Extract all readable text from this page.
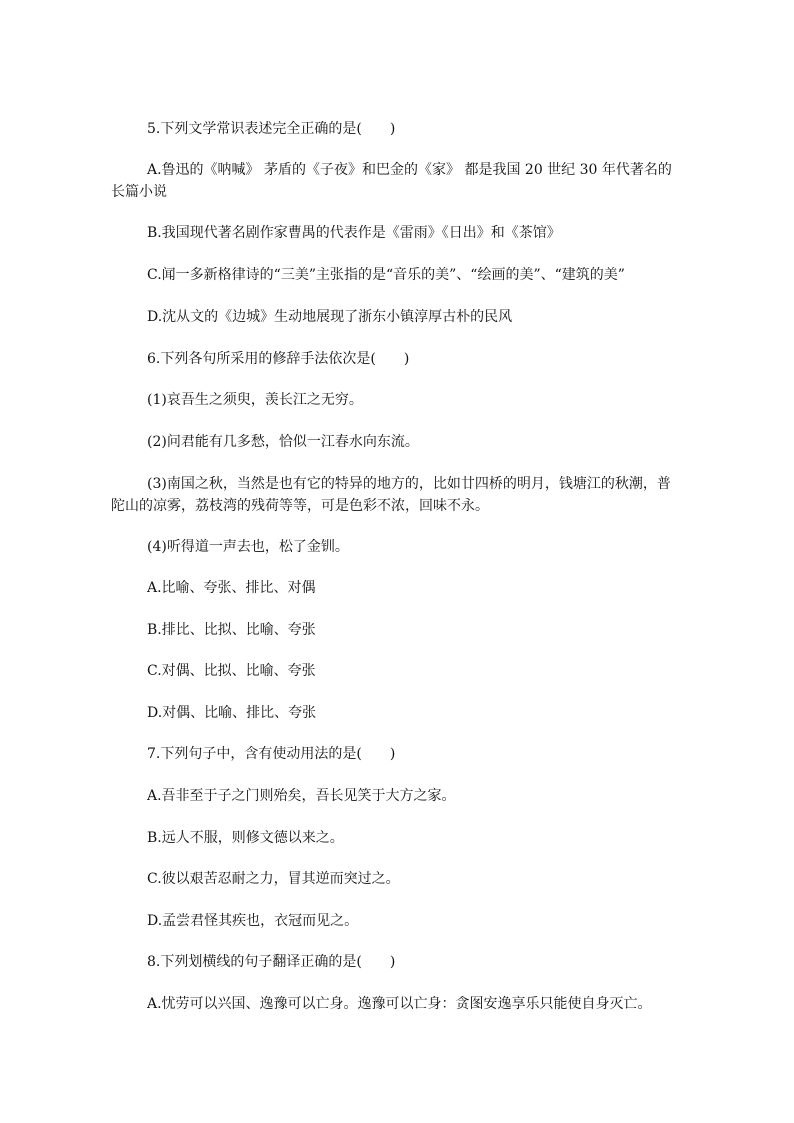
5.下列文学常识表述完全正确的是(　　)
A.鲁迅的《呐喊》 茅盾的《子夜》和巴金的《家》 都是我国 20 世纪 30 年代著名的
长篇小说
B.我国现代著名剧作家曹禺的代表作是《雷雨》《日出》和《茶馆》
C.闻一多新格律诗的“三美”主张指的是“音乐的美”、“绘画的美”、“建筑的美”
D.沈从文的《边城》生动地展现了浙东小镇淳厚古朴的民风
6.下列各句所采用的修辞手法依次是(　　)
(1)哀吾生之须臾，羡长江之无穷。
(2)问君能有几多愁，恰似一江春水向东流。
(3)南国之秋，当然是也有它的特异的地方的，比如廿四桥的明月，钱塘江的秋潮，普
陀山的凉雾，荔枝湾的残荷等等，可是色彩不浓，回味不永。
(4)听得道一声去也，松了金钏。
A.比喻、夸张、排比、对偶
B.排比、比拟、比喻、夸张
C.对偶、比拟、比喻、夸张
D.对偶、比喻、排比、夸张
7.下列句子中，含有使动用法的是(　　)
A.吾非至于子之门则殆矣，吾长见笑于大方之家。
B.远人不服，则修文德以来之。
C.彼以艰苦忍耐之力，冒其逆而突过之。
D.孟尝君怪其疾也，衣冠而见之。
8.下列划横线的句子翻译正确的是(　　)
A.忧劳可以兴国、逸豫可以亡身。逸豫可以亡身：贪图安逸享乐只能使自身灭亡。
